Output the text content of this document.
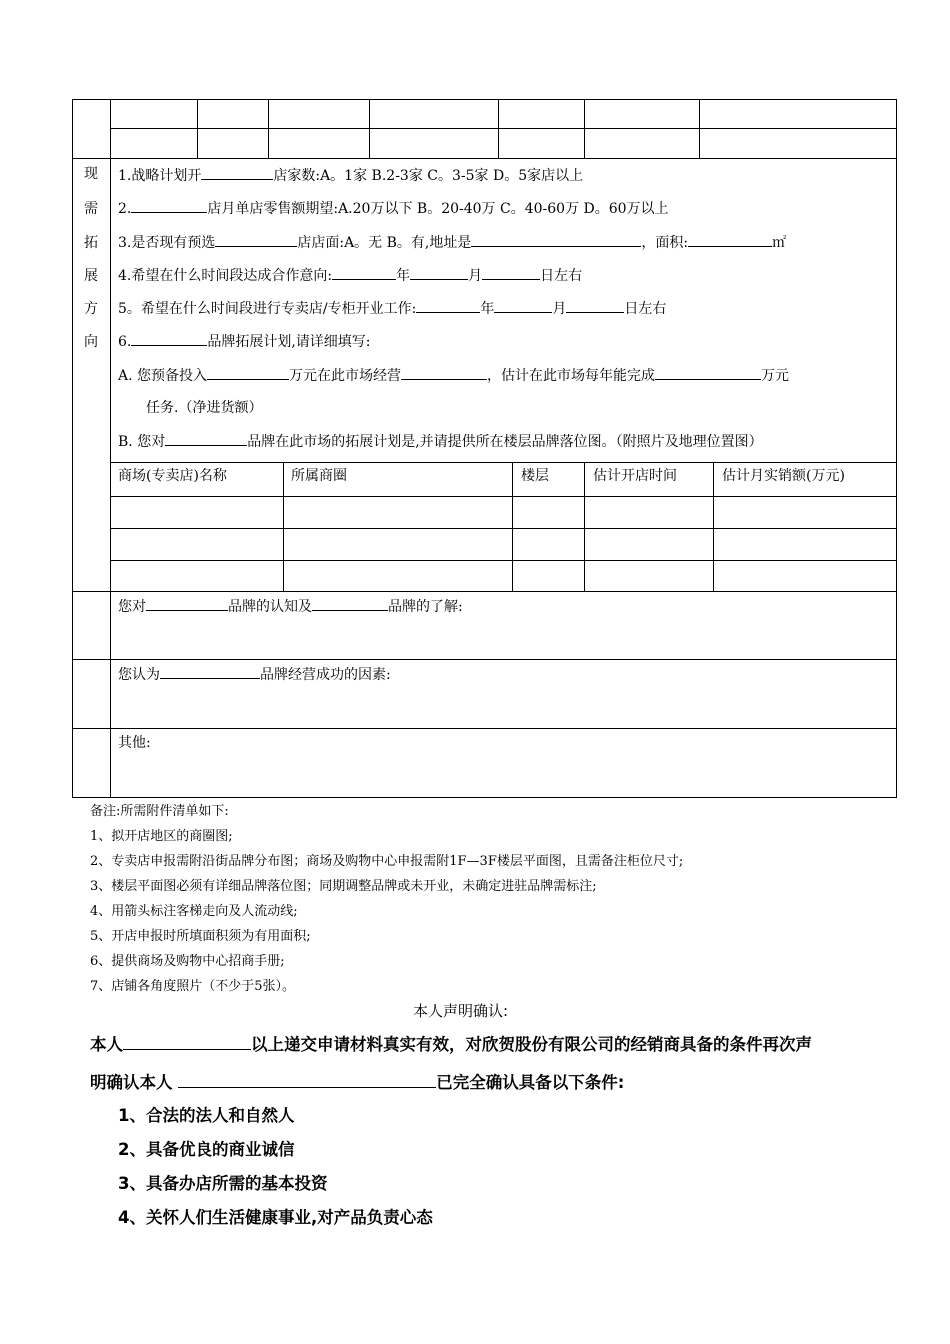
现
需
拓
展
方
向
1.战略计划开	店家数:A。1家 B.2-3家 C。3-5家 D。5家店以上
2.	店月单店零售额期望:A.20万以下 B。20-40万 C。40-60万 D。60万以上
3.是否现有预选	店店面:A。无 B。有,地址是	，面积:	㎡
4.希望在什么时间段达成合作意向:	年	月	日左右
5。希望在什么时间段进行专卖店/专柜开业工作:	年	月	日左右
6.	品牌拓展计划,请详细填写:
A. 您预备投入	万元在此市场经营	，估计在此市场每年能完成	万元
任务.（净进货额）
B. 您对	品牌在此市场的拓展计划是,并请提供所在楼层品牌落位图。（附照片及地理位置图）
商场(专卖店)名称	所属商圈	楼层	估计开店时间	估计月实销额(万元)
您对	品牌的认知及	品牌的了解:
您认为	品牌经营成功的因素:
其他:
备注:所需附件清单如下:
1、拟开店地区的商圈图;
2、专卖店申报需附沿街品牌分布图；商场及购物中心申报需附1F—3F楼层平面图，且需备注柜位尺寸;
3、楼层平面图必须有详细品牌落位图；同期调整品牌或未开业，未确定进驻品牌需标注;
4、用箭头标注客梯走向及人流动线;
5、开店申报时所填面积须为有用面积;
6、提供商场及购物中心招商手册;
7、店铺各角度照片（不少于5张）。
本人声明确认:
本人	以上递交申请材料真实有效，对欣贺股份有限公司的经销商具备的条件再次声
明确认本人	已完全确认具备以下条件:
1、合法的法人和自然人
2、具备优良的商业诚信
3、具备办店所需的基本投资
4、关怀人们生活健康事业,对产品负责心态
